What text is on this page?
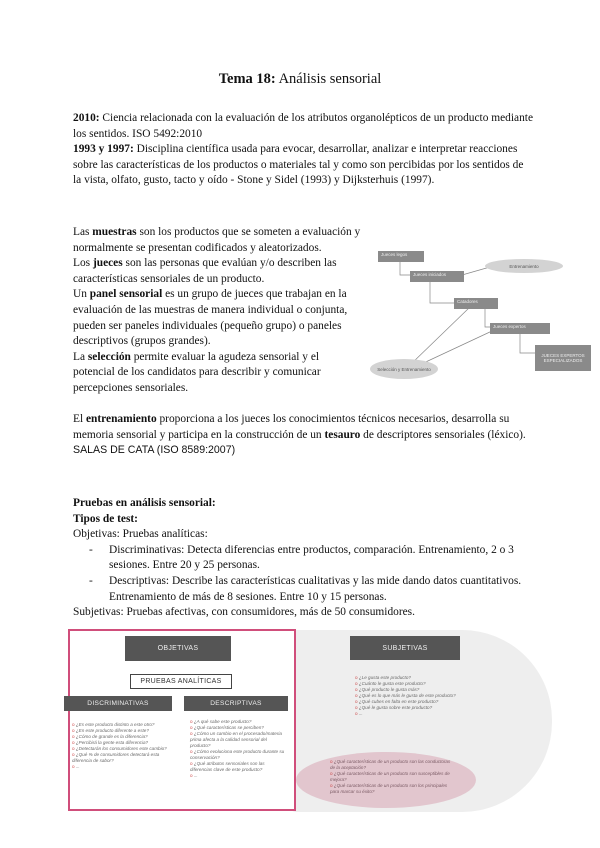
Tema 18: Análisis sensorial
2010: Ciencia relacionada con la evaluación de los atributos organolépticos de un producto mediante los sentidos. ISO 5492:2010
1993 y 1997: Disciplina científica usada para evocar, desarrollar, analizar e interpretar reacciones sobre las características de los productos o materiales tal y como son percibidas por los sentidos de la vista, olfato, gusto, tacto y oído - Stone y Sidel (1993) y Dijksterhuis (1997).
Las muestras son los productos que se someten a evaluación y normalmente se presentan codificados y aleatorizados.
Los jueces son las personas que evalúan y/o describen las características sensoriales de un producto.
Un panel sensorial es un grupo de jueces que trabajan en la evaluación de las muestras de manera individual o conjunta, pueden ser paneles individuales (pequeño grupo) o paneles descriptivos (grupos grandes).
La selección permite evaluar la agudeza sensorial y el potencial de los candidatos para describir y comunicar percepciones sensoriales.
El entrenamiento proporciona a los jueces los conocimientos técnicos necesarios, desarrolla su memoria sensorial y participa en la construcción de un tesauro de descriptores sensoriales (léxico).
SALAS DE CATA (ISO 8589:2007)
Jueces legos
Jueces iniciados
Entrenamiento
Catadores
Jueces expertos
Selección y Entrenamiento
JUECES EXPERTOS ESPECIALIZADOS
Pruebas en análisis sensorial:
Tipos de test:
Objetivas: Pruebas analíticas:
-	Discriminativas: Detecta diferencias entre productos, comparación. Entrenamiento, 2 o 3 sesiones. Entre 20 y 25 personas.
-	Descriptivas: Describe las características cualitativas y las mide dando datos cuantitativos. Entrenamiento de más de 8 sesiones. Entre 10 y 15 personas.
Subjetivas: Pruebas afectivas, con consumidores, más de 50 consumidores.
OBJETIVAS
PRUEBAS ANALÍTICAS
DISCRIMINATIVAS	DESCRIPTIVAS
SUBJETIVAS
o ¿Es este producto distinto a este otro?
o ¿En este producto diferente a este?
o ¿Cómo de grande es la diferencia?
o ¿Percibirá la gente esta diferencia?
o ¿Detectarán los consumidores este cambio?
o ¿Qué % de consumidores detectará esta diferencia de sabor?
o ...
o ¿A qué sabe este producto?
o ¿Qué características se perciben?
o ¿Cómo un cambio en el procesado/materia prima afecta a la calidad sensorial del producto?
o ¿Cómo evoluciona este producto durante su conservación?
o ¿Qué atributos sensoriales son las diferencias clave de este producto?
o ...
o ¿Le gusta este producto?
o ¿Cuánto le gusta este producto?
o ¿Qué producto le gusta más?
o ¿Qué es lo que más le gusta de este producto?
o ¿Qué cubes en falta en este producto?
o ¿Qué le gusta sobre este producto?
o ...
o ¿Qué características de un producto son las conductoras de la aceptación?
o ¿Qué características de un producto son susceptibles de mejora?
o ¿Qué características de un producto son los principales para marcar su éxito?
